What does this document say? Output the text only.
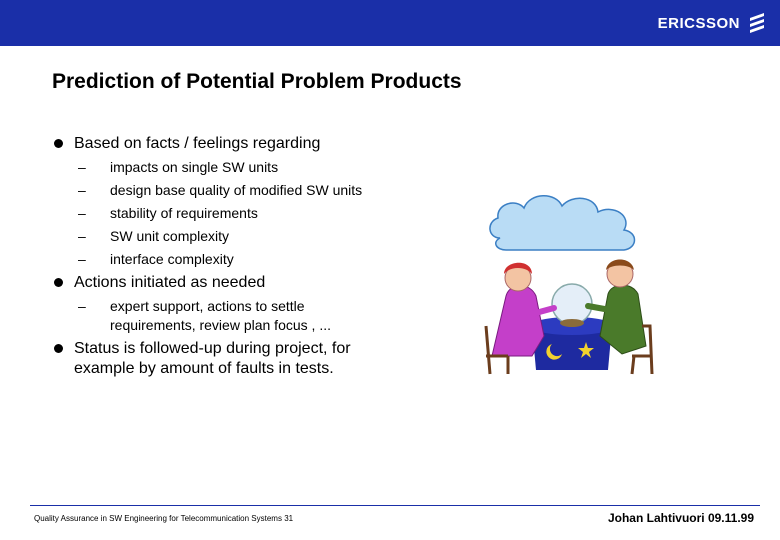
ERICSSON
Prediction of Potential Problem Products
Based on facts / feelings regarding
– impacts on single SW units
– design base quality of modified SW units
– stability of requirements
– SW unit complexity
– interface complexity
Actions initiated as needed
– expert support, actions to settle requirements, review plan focus , ...
Status is followed-up during project, for example by amount of faults in tests.
Quality Assurance in SW Engineering for Telecommunication Systems 31	Johan Lahtivuori 09.11.99
